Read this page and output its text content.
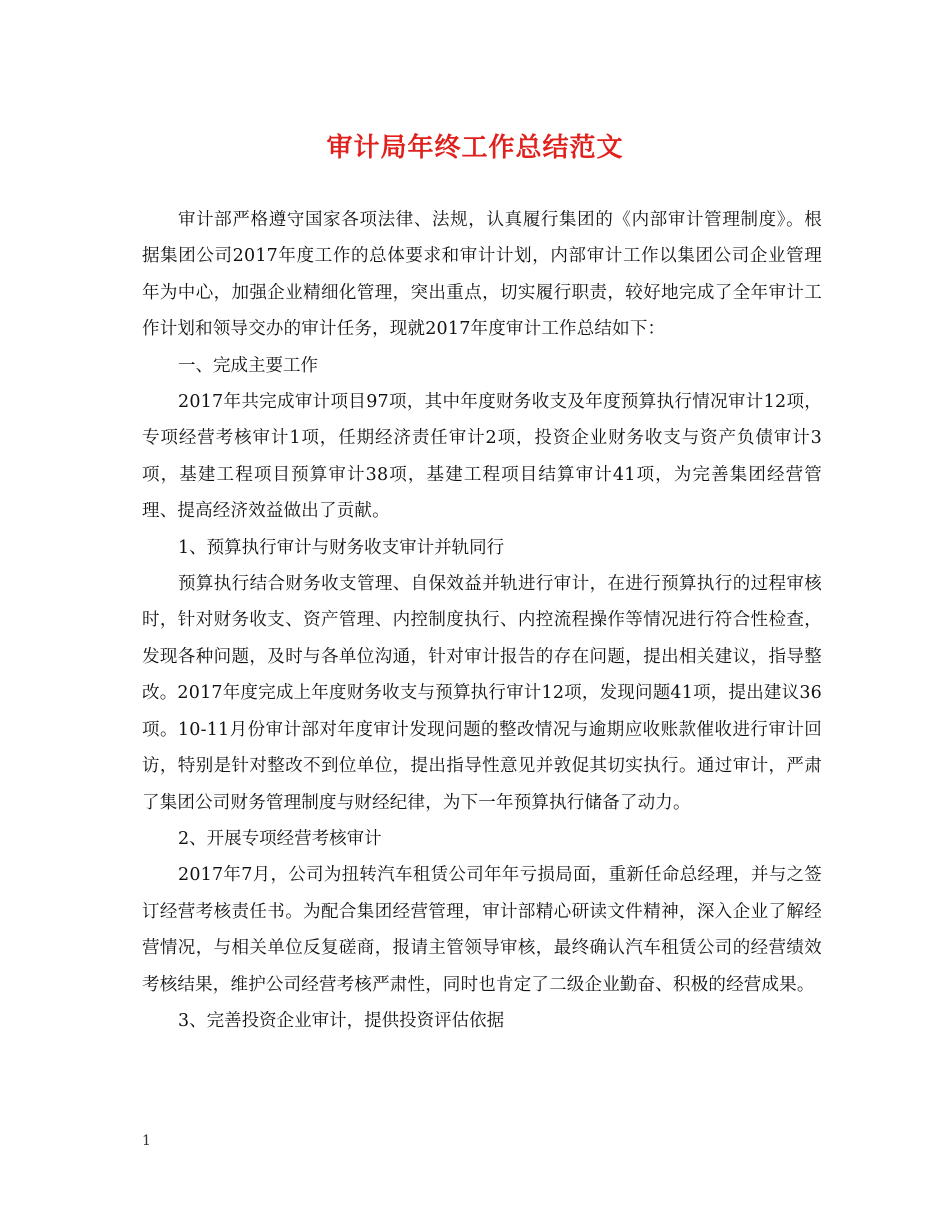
审计局年终工作总结范文

审计部严格遵守国家各项法律、法规，认真履行集团的《内部审计管理制度》。根据集团公司2017年度工作的总体要求和审计计划，内部审计工作以集团公司企业管理年为中心，加强企业精细化管理，突出重点，切实履行职责，较好地完成了全年审计工作计划和领导交办的审计任务，现就2017年度审计工作总结如下：

一、完成主要工作

2017年共完成审计项目97项，其中年度财务收支及年度预算执行情况审计12项，专项经营考核审计1项，任期经济责任审计2项，投资企业财务收支与资产负债审计3项，基建工程项目预算审计38项，基建工程项目结算审计41项，为完善集团经营管理、提高经济效益做出了贡献。

1、预算执行审计与财务收支审计并轨同行

预算执行结合财务收支管理、自保效益并轨进行审计，在进行预算执行的过程审核时，针对财务收支、资产管理、内控制度执行、内控流程操作等情况进行符合性检查，发现各种问题，及时与各单位沟通，针对审计报告的存在问题，提出相关建议，指导整改。2017年度完成上年度财务收支与预算执行审计12项，发现问题41项，提出建议36项。10-11月份审计部对年度审计发现问题的整改情况与逾期应收账款催收进行审计回访，特别是针对整改不到位单位，提出指导性意见并敦促其切实执行。通过审计，严肃了集团公司财务管理制度与财经纪律，为下一年预算执行储备了动力。

2、开展专项经营考核审计

2017年7月，公司为扭转汽车租赁公司年年亏损局面，重新任命总经理，并与之签订经营考核责任书。为配合集团经营管理，审计部精心研读文件精神，深入企业了解经营情况，与相关单位反复磋商，报请主管领导审核，最终确认汽车租赁公司的经营绩效考核结果，维护公司经营考核严肃性，同时也肯定了二级企业勤奋、积极的经营成果。

3、完善投资企业审计，提供投资评估依据

1
